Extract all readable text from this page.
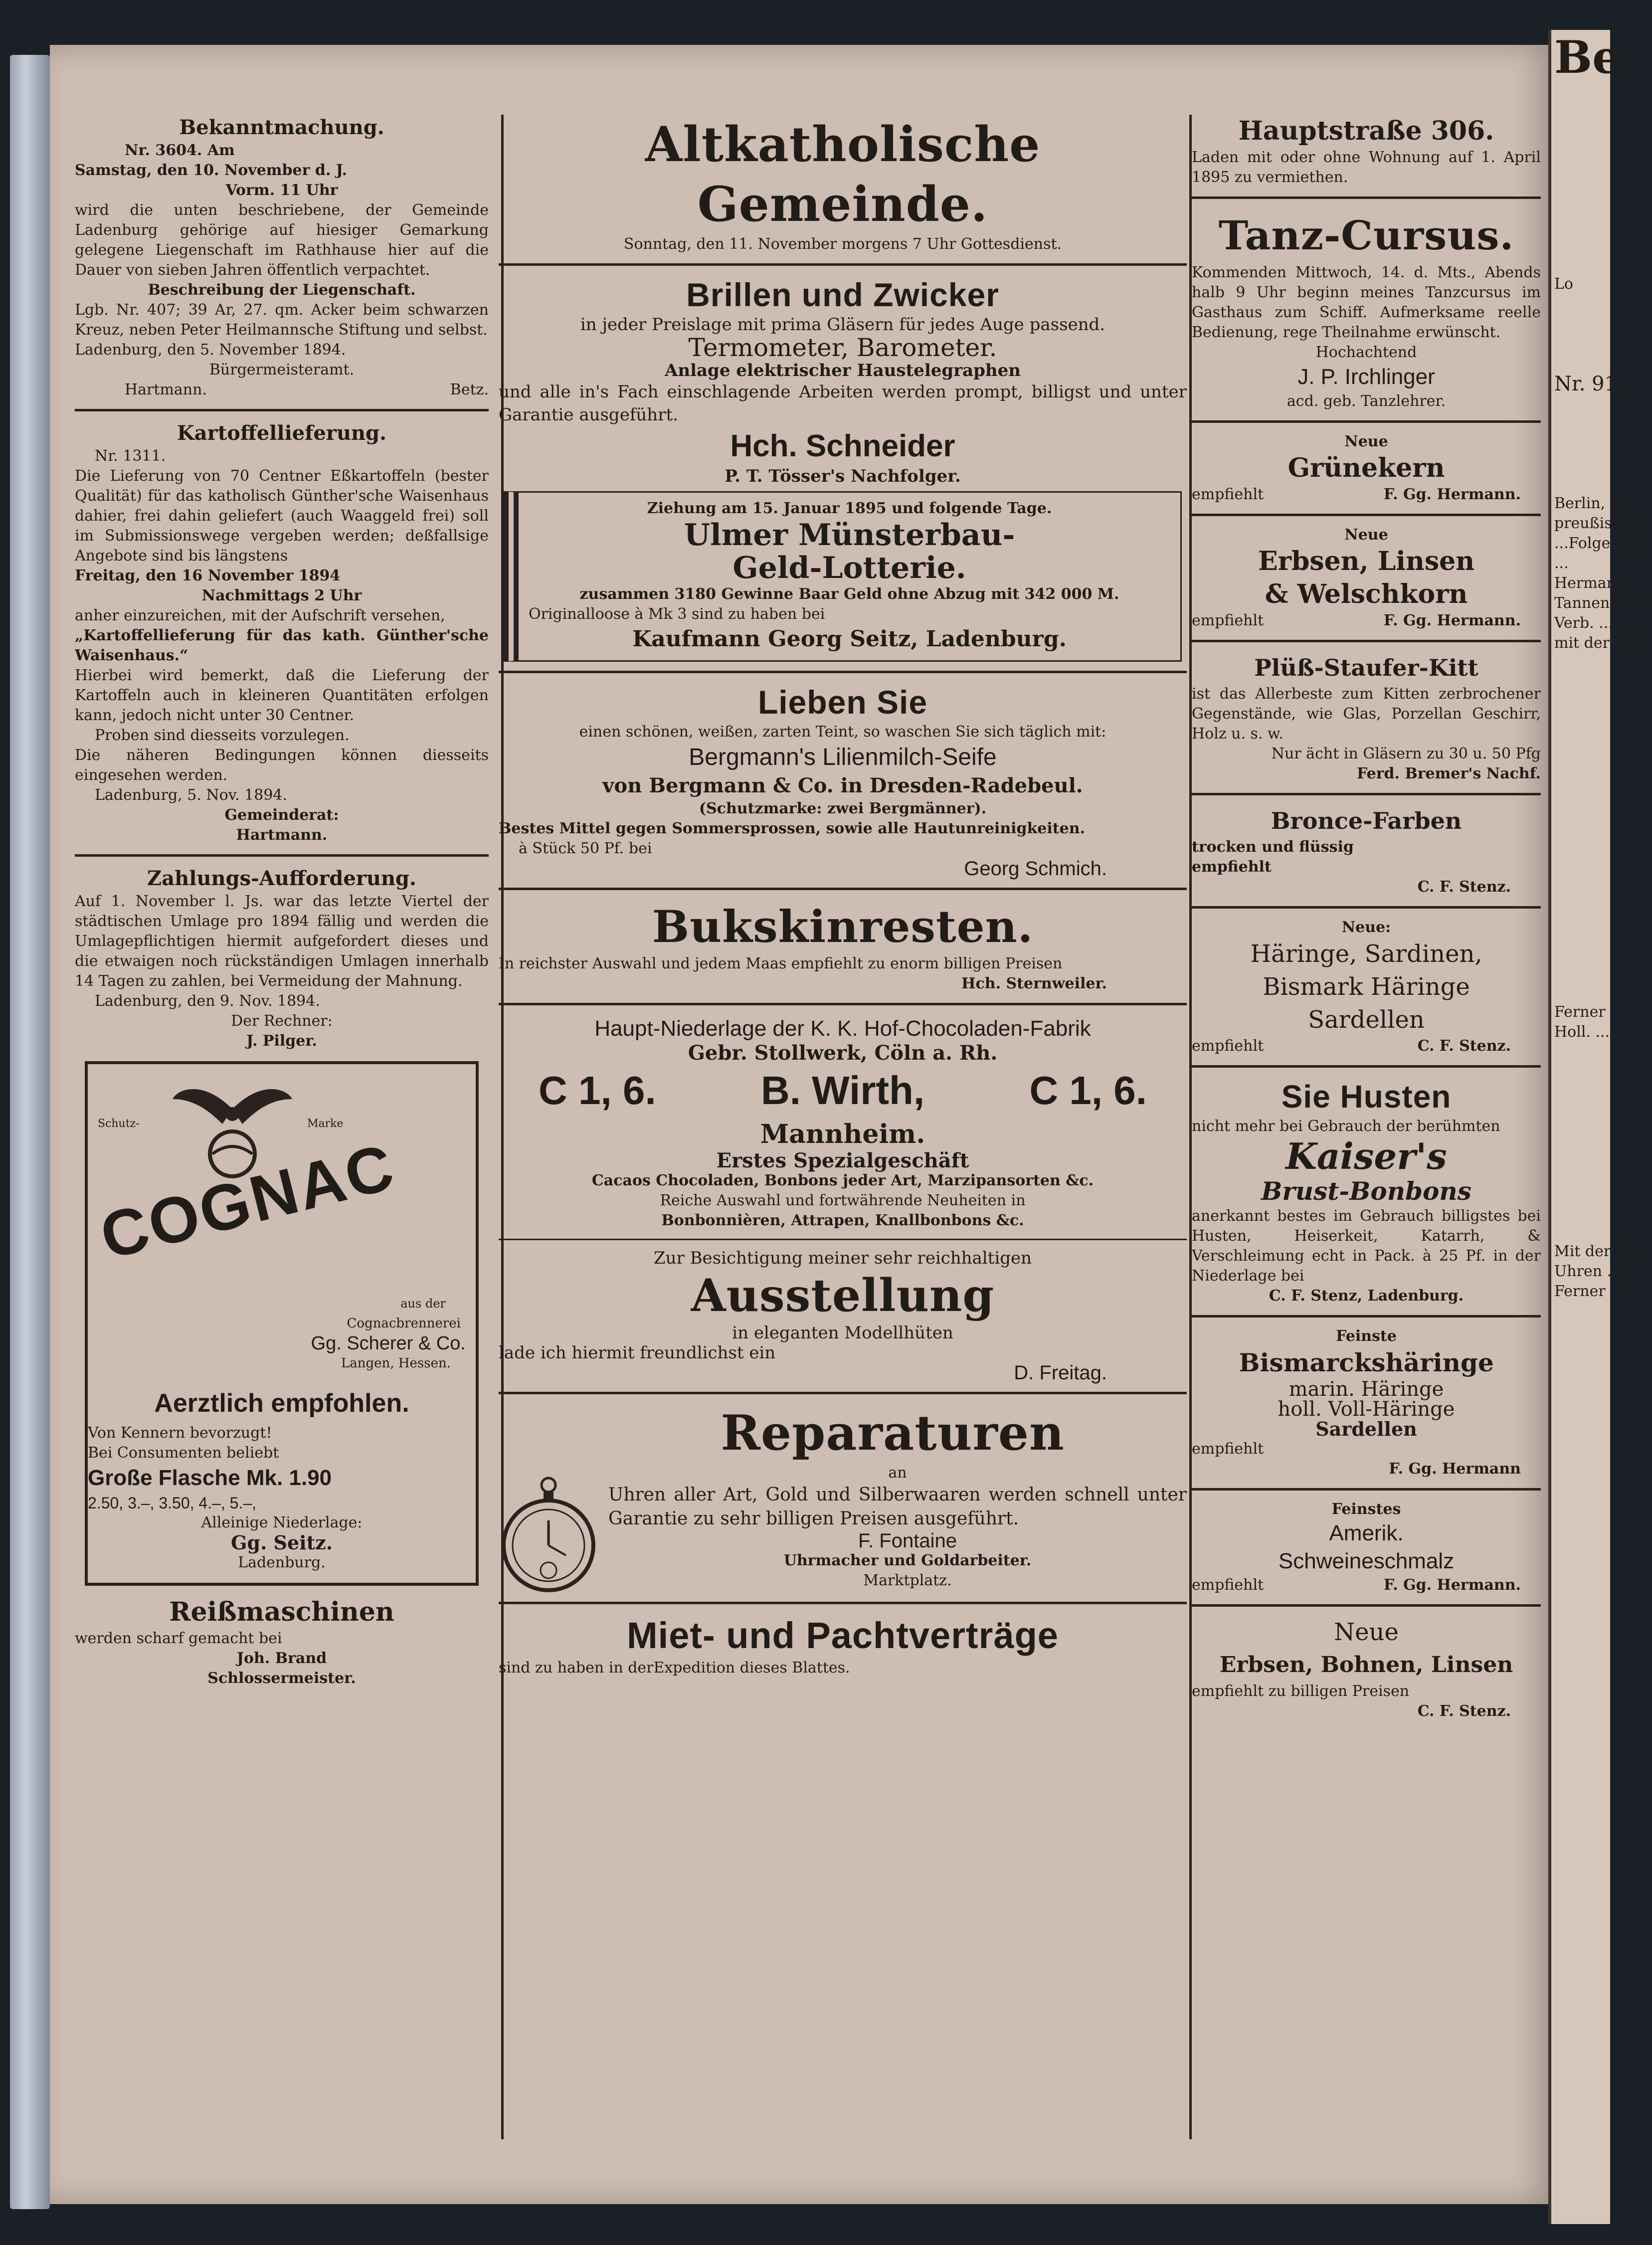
Be
Lo
Nr. 91.
Berlin, 10
preußischen
...Folge der
...
Hermann
Tannenbaum
Verb. ...
mit der Zeit.
Ferner
Holl. ...
Mit der Pr...
Uhren ...
Ferner ...
Bekanntmachung.
Nr. 3604. Am
Samstag, den 10. November d. J.
Vorm. 11 Uhr
wird die unten beschriebene, der Gemeinde Ladenburg gehörige auf hiesiger Gemarkung gelegene Liegenschaft im Rathhause hier auf die Dauer von sieben Jahren öffentlich verpachtet.
Beschreibung der Liegenschaft.
Lgb. Nr. 407; 39 Ar, 27. qm. Acker beim schwarzen Kreuz, neben Peter Heilmannsche Stiftung und selbst.
Ladenburg, den 5. November 1894.
Bürgermeisteramt.
Hartmann.	Betz.
Kartoffellieferung.
Nr. 1311.
Die Lieferung von 70 Centner Eßkartoffeln (bester Qualität) für das katholisch Günther'sche Waisenhaus dahier, frei dahin geliefert (auch Waaggeld frei) soll im Submissionswege vergeben werden; deßfallsige Angebote sind bis längstens
Freitag, den 16 November 1894
Nachmittags 2 Uhr
anher einzureichen, mit der Aufschrift versehen,
„Kartoffellieferung für das kath. Günther'sche Waisenhaus.“
Hierbei wird bemerkt, daß die Lieferung der Kartoffeln auch in kleineren Quantitäten erfolgen kann, jedoch nicht unter 30 Centner.
Proben sind diesseits vorzulegen.
Die näheren Bedingungen können diesseits eingesehen werden.
Ladenburg, 5. Nov. 1894.
Gemeinderat:
Hartmann.
Zahlungs-Aufforderung.
Auf 1. November l. Js. war das letzte Viertel der städtischen Umlage pro 1894 fällig und werden die Umlagepflichtigen hiermit aufgefordert dieses und die etwaigen noch rückständigen Umlagen innerhalb 14 Tagen zu zahlen, bei Vermeidung der Mahnung.
Ladenburg, den 9. Nov. 1894.
Der Rechner:
J. Pilger.
Schutz-	Marke
COGNAC
aus der
Cognacbrennerei
Gg. Scherer & Co.
Langen, Hessen.
Aerztlich empfohlen.
Von Kennern bevorzugt!
Bei Consumenten beliebt
Große Flasche Mk. 1.90
2.50, 3.–, 3.50, 4.–, 5.–,
Alleinige Niederlage:
Gg. Seitz.
Ladenburg.
Reißmaschinen
werden scharf gemacht bei
Joh. Brand
Schlossermeister.
Altkatholische Gemeinde.
Sonntag, den 11. November morgens 7 Uhr Gottesdienst.
Brillen und Zwicker
in jeder Preislage mit prima Gläsern für jedes Auge passend.
Termometer, Barometer.
Anlage elektrischer Haustelegraphen
und alle in's Fach einschlagende Arbeiten werden prompt, billigst und unter Garantie ausgeführt.
Hch. Schneider
P. T. Tösser's Nachfolger.
Ziehung am 15. Januar 1895 und folgende Tage.
Ulmer Münsterbau-
Geld-Lotterie.
zusammen 3180 Gewinne Baar Geld ohne Abzug mit 342 000 M.
Originalloose à Mk 3 sind zu haben bei
Kaufmann Georg Seitz, Ladenburg.
Lieben Sie
einen schönen, weißen, zarten Teint, so waschen Sie sich täglich mit:
Bergmann's Lilienmilch-Seife
von Bergmann & Co. in Dresden-Radebeul.
(Schutzmarke: zwei Bergmänner).
Bestes Mittel gegen Sommersprossen, sowie alle Hautunreinigkeiten.
à Stück 50 Pf. bei
Georg Schmich.
Bukskinresten.
In reichster Auswahl und jedem Maas empfiehlt zu enorm billigen Preisen
Hch. Sternweiler.
Haupt-Niederlage der K. K. Hof-Chocoladen-Fabrik
Gebr. Stollwerk, Cöln a. Rh.
C 1, 6.	B. Wirth,	C 1, 6.
Mannheim.
Erstes Spezialgeschäft
Cacaos Chocoladen, Bonbons jeder Art, Marzipansorten &c.
Reiche Auswahl und fortwährende Neuheiten in
Bonbonnièren, Attrapen, Knallbonbons &c.
Zur Besichtigung meiner sehr reichhaltigen
Ausstellung
in eleganten Modellhüten
lade ich hiermit freundlichst ein
D. Freitag.
Reparaturen
an
Uhren aller Art, Gold und Silberwaaren werden schnell unter Garantie zu sehr billigen Preisen ausgeführt.
F. Fontaine
Uhrmacher und Goldarbeiter.
Marktplatz.
Miet- und Pachtverträge
sind zu haben in derExpedition dieses Blattes.
Hauptstraße 306.
Laden mit oder ohne Wohnung auf 1. April 1895 zu vermiethen.
Tanz-Cursus.
Kommenden Mittwoch, 14. d. Mts., Abends halb 9 Uhr beginn meines Tanzcursus im Gasthaus zum Schiff. Aufmerksame reelle Bedienung, rege Theilnahme erwünscht.
Hochachtend
J. P. Irchlinger
acd. geb. Tanzlehrer.
Neue
Grünekern
empfiehlt	F. Gg. Hermann.
Neue
Erbsen, Linsen
& Welschkorn
empfiehlt	F. Gg. Hermann.
Plüß-Staufer-Kitt
ist das Allerbeste zum Kitten zerbrochener Gegenstände, wie Glas, Porzellan Geschirr, Holz u. s. w.
Nur ächt in Gläsern zu 30 u. 50 Pfg
Ferd. Bremer's Nachf.
Bronce-Farben
trocken und flüssig
empfiehlt
C. F. Stenz.
Neue:
Häringe, Sardinen,
Bismark Häringe
Sardellen
empfiehlt	C. F. Stenz.
Sie Husten
nicht mehr bei Gebrauch der berühmten
Kaiser's
Brust-Bonbons
anerkannt bestes im Gebrauch billigstes bei Husten, Heiserkeit, Katarrh, & Verschleimung echt in Pack. à 25 Pf. in der Niederlage bei
C. F. Stenz, Ladenburg.
Feinste
Bismarckshäringe
marin. Häringe
holl. Voll-Häringe
Sardellen
empfiehlt
F. Gg. Hermann
Feinstes
Amerik.
Schweineschmalz
empfiehlt	F. Gg. Hermann.
Neue
Erbsen, Bohnen, Linsen
empfiehlt zu billigen Preisen
C. F. Stenz.
